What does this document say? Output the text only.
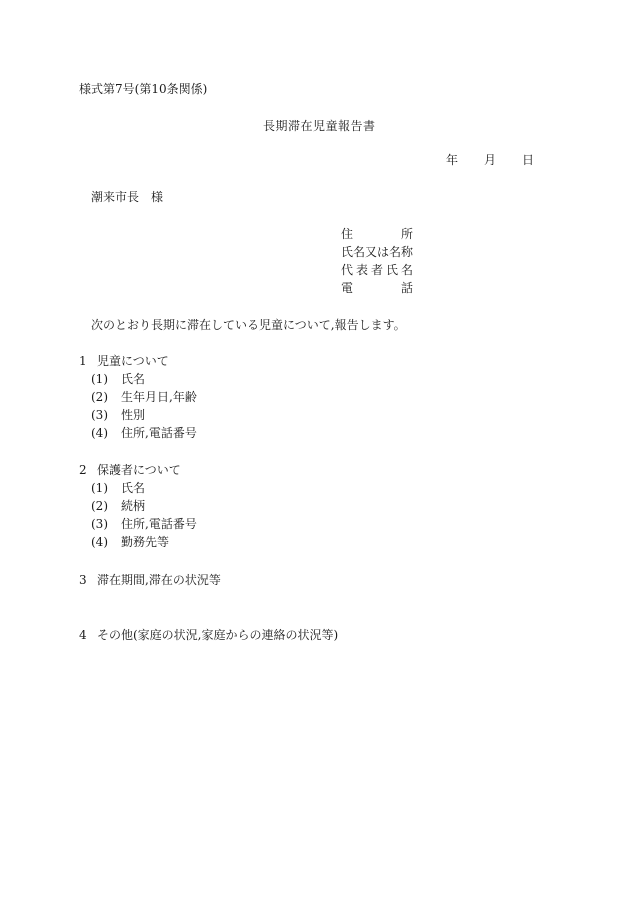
様式第7号(第10条関係)
長期滞在児童報告書
年 月 日
潮来市長 様
住	所
氏名又は名称
代 表 者 氏 名
電	話
次のとおり長期に滞在している児童について,報告します。
1 児童について
(1)	氏名
(2)	生年月日,年齢
(3)	性別
(4)	住所,電話番号
2 保護者について
(1)	氏名
(2)	続柄
(3)	住所,電話番号
(4)	勤務先等
3 滞在期間,滞在の状況等
4 その他(家庭の状況,家庭からの連絡の状況等)
